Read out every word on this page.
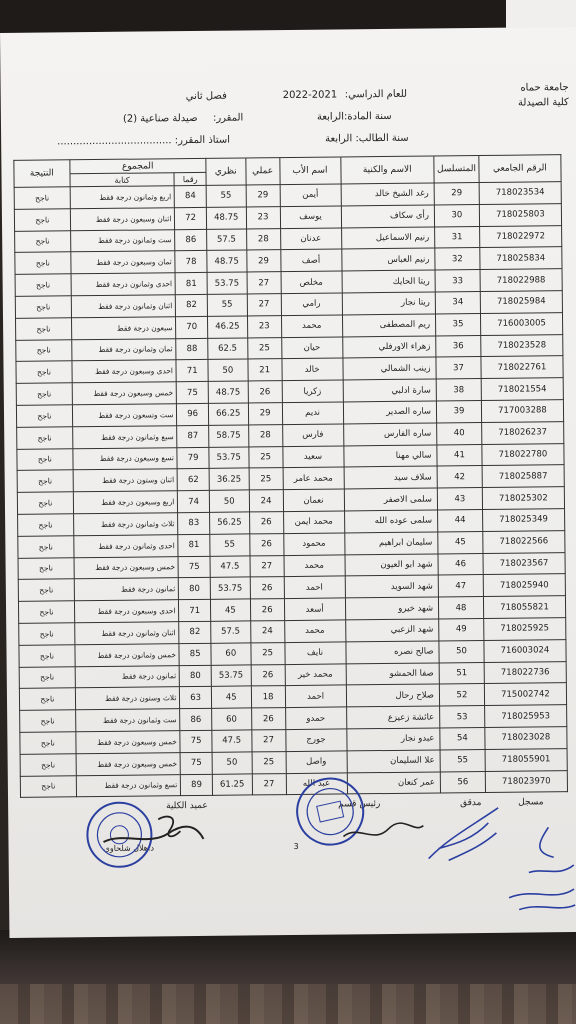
جامعة حماه
كلية الصيدلة
فصل ثاني	2022-2021 للعام الدراسي:
سنة المادة:الرابعة
صيدلة صناعية (2) المقرر:
سنة الطالب: الرابعة
استاذ المقرر: ....................................
الرقم الجامعي	المتسلسل	الاسم والكنية	اسم الأب	عملي	نظري	المجموع		النتيجة
						رقما	كتابة	
718023534	29	رغد الشيخ خالد	أيمن	29	55	84	اربع وثمانون درجة فقط	ناجح
718025803	30	رأى سكاف	يوسف	23	48.75	72	اثنان وسبعون درجة فقط	ناجح
718022972	31	رنيم الاسماعيل	عدنان	28	57.5	86	ست وثمانون درجة فقط	ناجح
718025834	32	رنيم العباس	أصف	29	48.75	78	ثمان وسبعون درجة فقط	ناجح
718022988	33	ريتا الحايك	مخلص	27	53.75	81	احدى وثمانون درجة فقط	ناجح
718025984	34	ريتا نجار	رامي	27	55	82	اثنان وثمانون درجة فقط	ناجح
716003005	35	ريم المصطفى	محمد	23	46.25	70	سبعون درجة فقط	ناجح
718023528	36	زهراء الاورفلي	حيان	25	62.5	88	ثمان وثمانون درجة فقط	ناجح
718022761	37	زينب الشمالي	خالد	21	50	71	احدى وسبعون درجة فقط	ناجح
718021554	38	سارة ادلبي	زكريا	26	48.75	75	خمس وسبعون درجة فقط	ناجح
717003288	39	ساره الصدير	نديم	29	66.25	96	ست وتسعون درجة فقط	ناجح
718026237	40	ساره الفارس	فارس	28	58.75	87	سبع وثمانون درجة فقط	ناجح
718022780	41	سالي مهنا	سعيد	25	53.75	79	تسع وسبعون درجة فقط	ناجح
718025887	42	سلاف سيد	محمد عامر	25	36.25	62	اثنان وستون درجة فقط	ناجح
718025302	43	سلمى الاصفر	نعمان	24	50	74	اربع وسبعون درجة فقط	ناجح
718025349	44	سلمى عوده الله	محمد ايمن	26	56.25	83	ثلاث وثمانون درجة فقط	ناجح
718022566	45	سليمان ابراهيم	محمود	26	55	81	احدى وثمانون درجة فقط	ناجح
718023567	46	شهد ابو العيون	محمد	27	47.5	75	خمس وسبعون درجة فقط	ناجح
718025940	47	شهد السويد	احمد	26	53.75	80	ثمانون درجة فقط	ناجح
718055821	48	شهد خيرو	أسعد	26	45	71	احدى وسبعون درجة فقط	ناجح
718025925	49	شهد الزعبي	محمد	24	57.5	82	اثنان وثمانون درجة فقط	ناجح
716003024	50	صالح نصره	نايف	25	60	85	خمس وثمانون درجة فقط	ناجح
718022736	51	صفا الحمشو	محمد خير	26	53.75	80	ثمانون درجة فقط	ناجح
715002742	52	صلاح رحال	احمد	18	45	63	ثلاث وستون درجة فقط	ناجح
718025953	53	عائشة زعيزع	حمدو	26	60	86	ست وثمانون درجة فقط	ناجح
718023028	54	عبدو نجار	جورج	27	47.5	75	خمس وسبعون درجة فقط	ناجح
718055901	55	علا السليمان	واصل	25	50	75	خمس وسبعون درجة فقط	ناجح
718023970	56	عمر كنعان	عبد الله	27	61.25	89	تسع وثمانون درجة فقط	ناجح
مسجل
مدقق
رئيس قسم
عميد الكلية
د.هلال شلحاوي	3
